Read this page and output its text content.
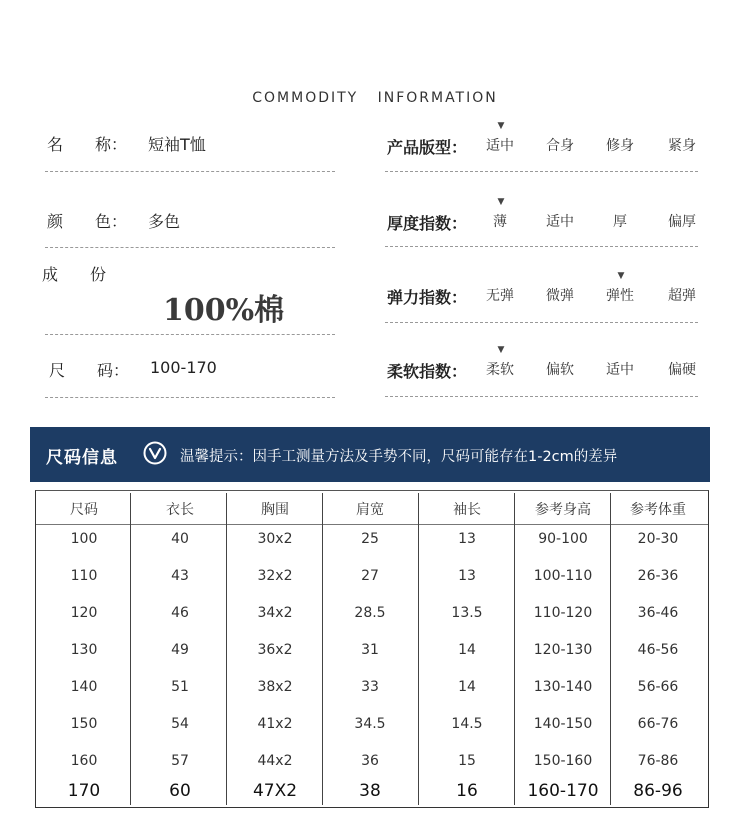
COMMODITY   INFORMATION
名　　称： 短袖T恤
颜　　色： 多色
成　　份
100%棉
尺　　码： 100-170
产品版型：	适中	合身	修身	紧身
▼
厚度指数：	薄	适中	厚	偏厚
▼
弹力指数：	无弹	微弹	弹性	超弹
▼
柔软指数：	柔软	偏软	适中	偏硬
▼
尺码信息	温馨提示：因手工测量方法及手势不同，尺码可能存在1-2cm的差异
尺码	衣长	胸围	肩宽	袖长	参考身高	参考体重
100	40	30x2	25	13	90-100	20-30
110	43	32x2	27	13	100-110	26-36
120	46	34x2	28.5	13.5	110-120	36-46
130	49	36x2	31	14	120-130	46-56
140	51	38x2	33	14	130-140	56-66
150	54	41x2	34.5	14.5	140-150	66-76
160	57	44x2	36	15	150-160	76-86
170	60	47X2	38	16	160-170	86-96
